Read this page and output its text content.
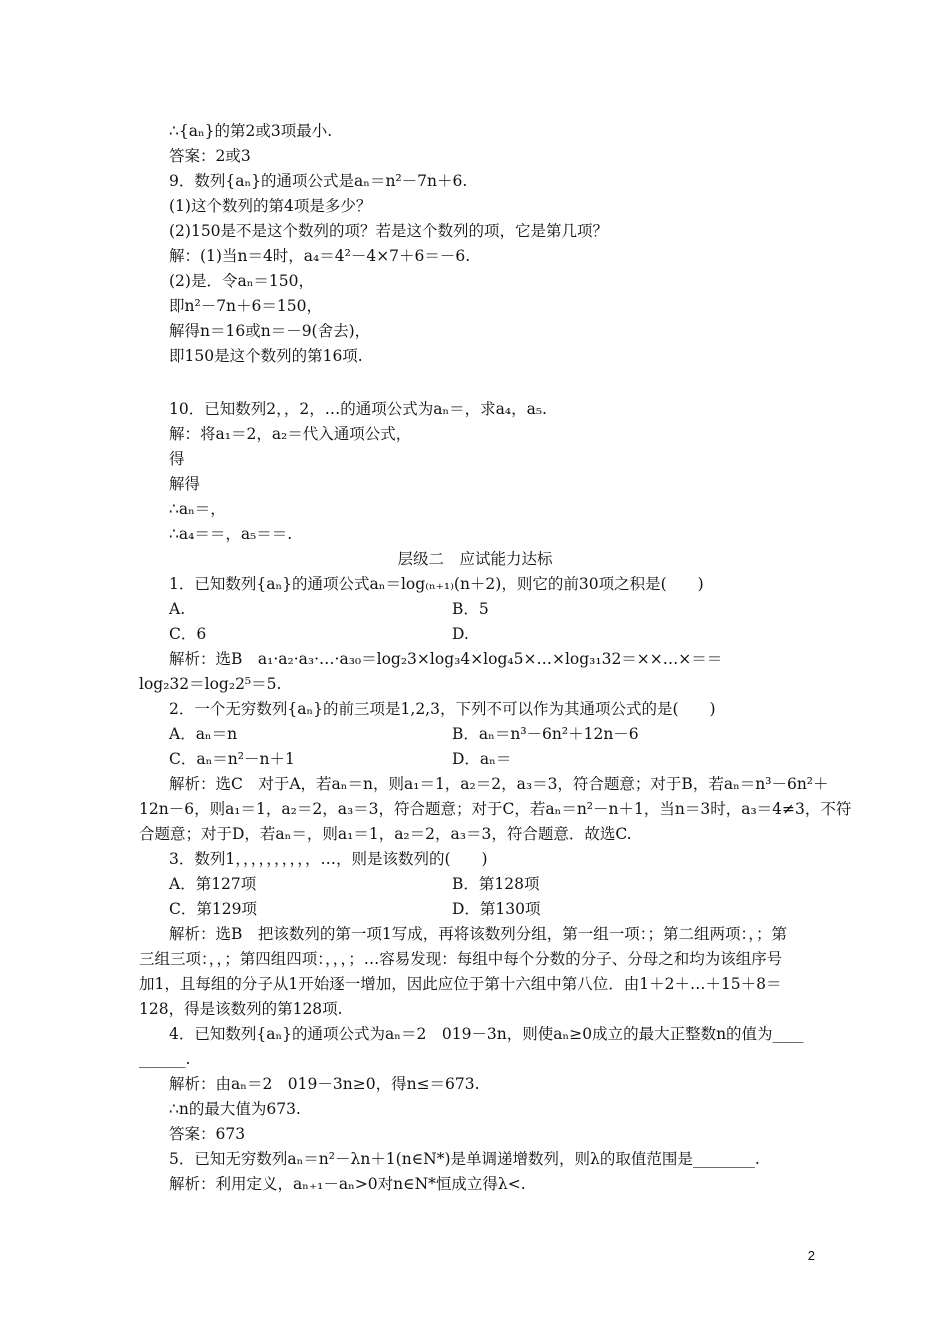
∴{aₙ}的第2或3项最小.
答案：2或3
9．数列{aₙ}的通项公式是aₙ＝n²－7n＋6.
(1)这个数列的第4项是多少？
(2)150是不是这个数列的项？若是这个数列的项，它是第几项？
解：(1)当n＝4时，a₄＝4²－4×7＋6＝－6.
(2)是．令aₙ＝150，
即n²－7n＋6＝150，
解得n＝16或n＝－9(舍去)，
即150是这个数列的第16项.
10．已知数列2，，2，…的通项公式为aₙ＝，求a₄，a₅.
解：将a₁＝2，a₂＝代入通项公式，
得
解得
∴aₙ＝，
∴a₄＝＝，a₅＝＝.
层级二　应试能力达标
1．已知数列{aₙ}的通项公式aₙ＝log₍ₙ₊₁₎(n＋2)，则它的前30项之积是(　　)
A.	B．5
C．6	D.
解析：选B　a₁·a₂·a₃·…·a₃₀＝log₂3×log₃4×log₄5×…×log₃₁32＝××…×＝＝
log₂32＝log₂2⁵＝5.
2．一个无穷数列{aₙ}的前三项是1,2,3，下列不可以作为其通项公式的是(　　)
A．aₙ＝n	B．aₙ＝n³－6n²＋12n－6
C．aₙ＝n²－n＋1	D．aₙ＝
解析：选C　对于A，若aₙ＝n，则a₁＝1，a₂＝2，a₃＝3，符合题意；对于B，若aₙ＝n³－6n²＋
12n－6，则a₁＝1，a₂＝2，a₃＝3，符合题意；对于C，若aₙ＝n²－n＋1，当n＝3时，a₃＝4≠3，不符
合题意；对于D，若aₙ＝，则a₁＝1，a₂＝2，a₃＝3，符合题意．故选C.
3．数列1，，，，，，，，，，…，则是该数列的(　　)
A．第127项	B．第128项
C．第129项	D．第130项
解析：选B　把该数列的第一项1写成，再将该数列分组，第一组一项：；第二组两项：，；第
三组三项：，，；第四组四项：，，，；…容易发现：每组中每个分数的分子、分母之和均为该组序号
加1，且每组的分子从1开始逐一增加，因此应位于第十六组中第八位．由1＋2＋…＋15＋8＝
128，得是该数列的第128项.
4．已知数列{aₙ}的通项公式为aₙ＝2　019－3n，则使aₙ≥0成立的最大正整数n的值为____
______.
解析：由aₙ＝2　019－3n≥0，得n≤＝673.
∴n的最大值为673.
答案：673
5．已知无穷数列aₙ＝n²－λn＋1(n∈N*)是单调递增数列，则λ的取值范围是________.
解析：利用定义，aₙ₊₁－aₙ>0对n∈N*恒成立得λ<.
2
